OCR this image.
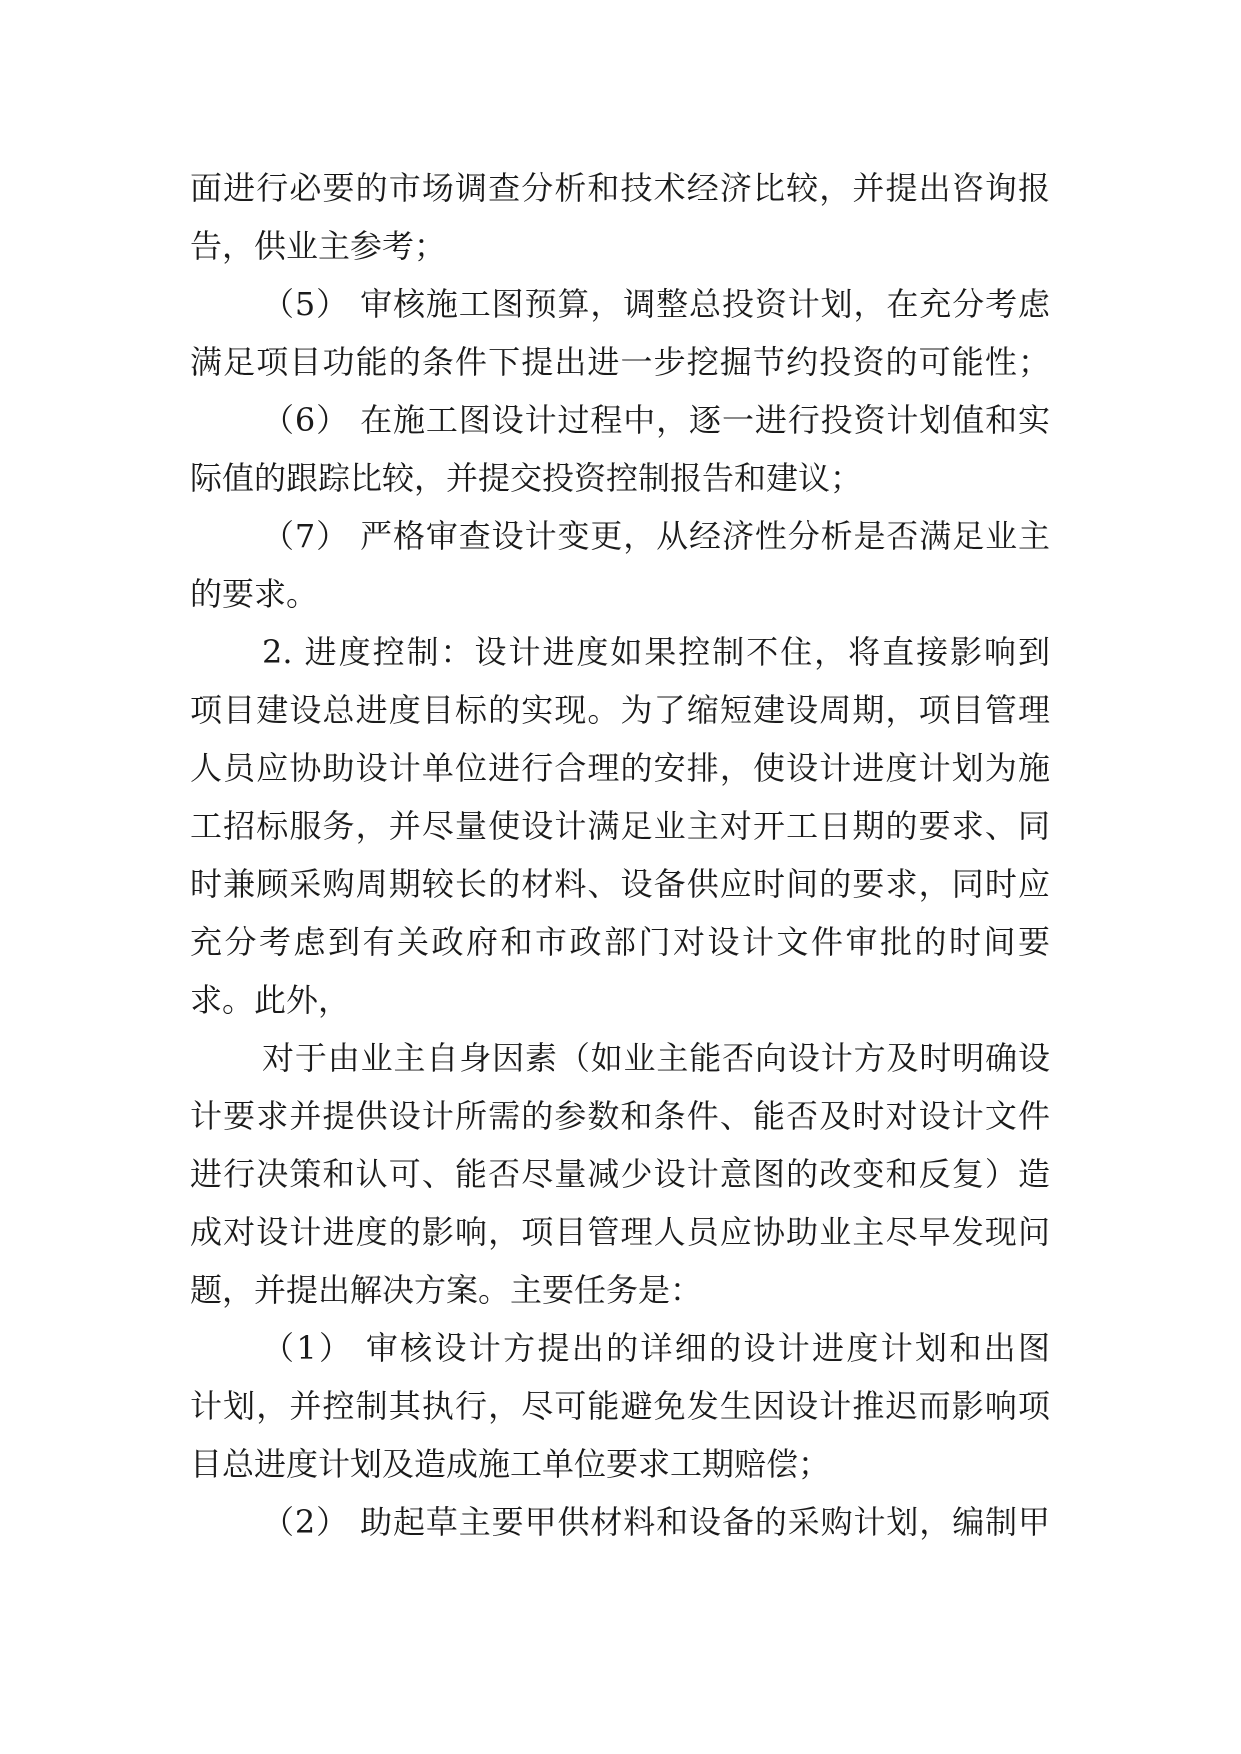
面进行必要的市场调查分析和技术经济比较，并提出咨询报
告，供业主参考；
（5） 审核施工图预算，调整总投资计划，在充分考虑
满足项目功能的条件下提出进一步挖掘节约投资的可能性；
（6） 在施工图设计过程中，逐一进行投资计划值和实
际值的跟踪比较，并提交投资控制报告和建议；
（7） 严格审查设计变更，从经济性分析是否满足业主
的要求。
2. 进度控制：设计进度如果控制不住，将直接影响到
项目建设总进度目标的实现。为了缩短建设周期，项目管理
人员应协助设计单位进行合理的安排，使设计进度计划为施
工招标服务，并尽量使设计满足业主对开工日期的要求、同
时兼顾采购周期较长的材料、设备供应时间的要求，同时应
充分考虑到有关政府和市政部门对设计文件审批的时间要
求。此外，
对于由业主自身因素（如业主能否向设计方及时明确设
计要求并提供设计所需的参数和条件、能否及时对设计文件
进行决策和认可、能否尽量减少设计意图的改变和反复）造
成对设计进度的影响，项目管理人员应协助业主尽早发现问
题，并提出解决方案。主要任务是：
（1） 审核设计方提出的详细的设计进度计划和出图
计划，并控制其执行，尽可能避免发生因设计推迟而影响项
目总进度计划及造成施工单位要求工期赔偿；
（2） 助起草主要甲供材料和设备的采购计划，编制甲
